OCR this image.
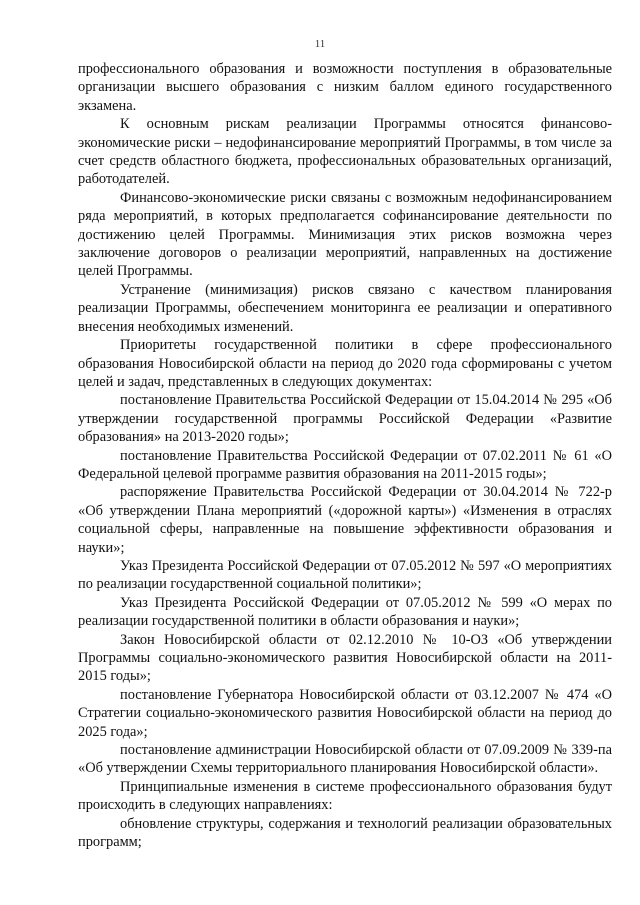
11

профессионального образования и возможности поступления в образовательные организации высшего образования с низким баллом единого государственного экзамена.

К основным рискам реализации Программы относятся финансово-экономические риски – недофинансирование мероприятий Программы, в том числе за счет средств областного бюджета, профессиональных образовательных организаций, работодателей.

Финансово-экономические риски связаны с возможным недофинансированием ряда мероприятий, в которых предполагается софинансирование деятельности по достижению целей Программы. Минимизация этих рисков возможна через заключение договоров о реализации мероприятий, направленных на достижение целей Программы.

Устранение (минимизация) рисков связано с качеством планирования реализации Программы, обеспечением мониторинга ее реализации и оперативного внесения необходимых изменений.

Приоритеты государственной политики в сфере профессионального образования Новосибирской области на период до 2020 года сформированы с учетом целей и задач, представленных в следующих документах:

постановление Правительства Российской Федерации от 15.04.2014 № 295 «Об утверждении государственной программы Российской Федерации «Развитие образования» на 2013-2020 годы»;

постановление Правительства Российской Федерации от 07.02.2011 № 61 «О Федеральной целевой программе развития образования на 2011-2015 годы»;

распоряжение Правительства Российской Федерации от 30.04.2014 № 722-р «Об утверждении Плана мероприятий («дорожной карты») «Изменения в отраслях социальной сферы, направленные на повышение эффективности образования и науки»;

Указ Президента Российской Федерации от 07.05.2012 № 597 «О мероприятиях по реализации государственной социальной политики»;

Указ Президента Российской Федерации от 07.05.2012 № 599 «О мерах по реализации государственной политики в области образования и науки»;

Закон Новосибирской области от 02.12.2010 № 10-ОЗ «Об утверждении Программы социально-экономического развития Новосибирской области на 2011-2015 годы»;

постановление Губернатора Новосибирской области от 03.12.2007 № 474 «О Стратегии социально-экономического развития Новосибирской области на период до 2025 года»;

постановление администрации Новосибирской области от 07.09.2009 № 339-па «Об утверждении Схемы территориального планирования Новосибирской области».

Принципиальные изменения в системе профессионального образования будут происходить в следующих направлениях:

обновление структуры, содержания и технологий реализации образовательных программ;
